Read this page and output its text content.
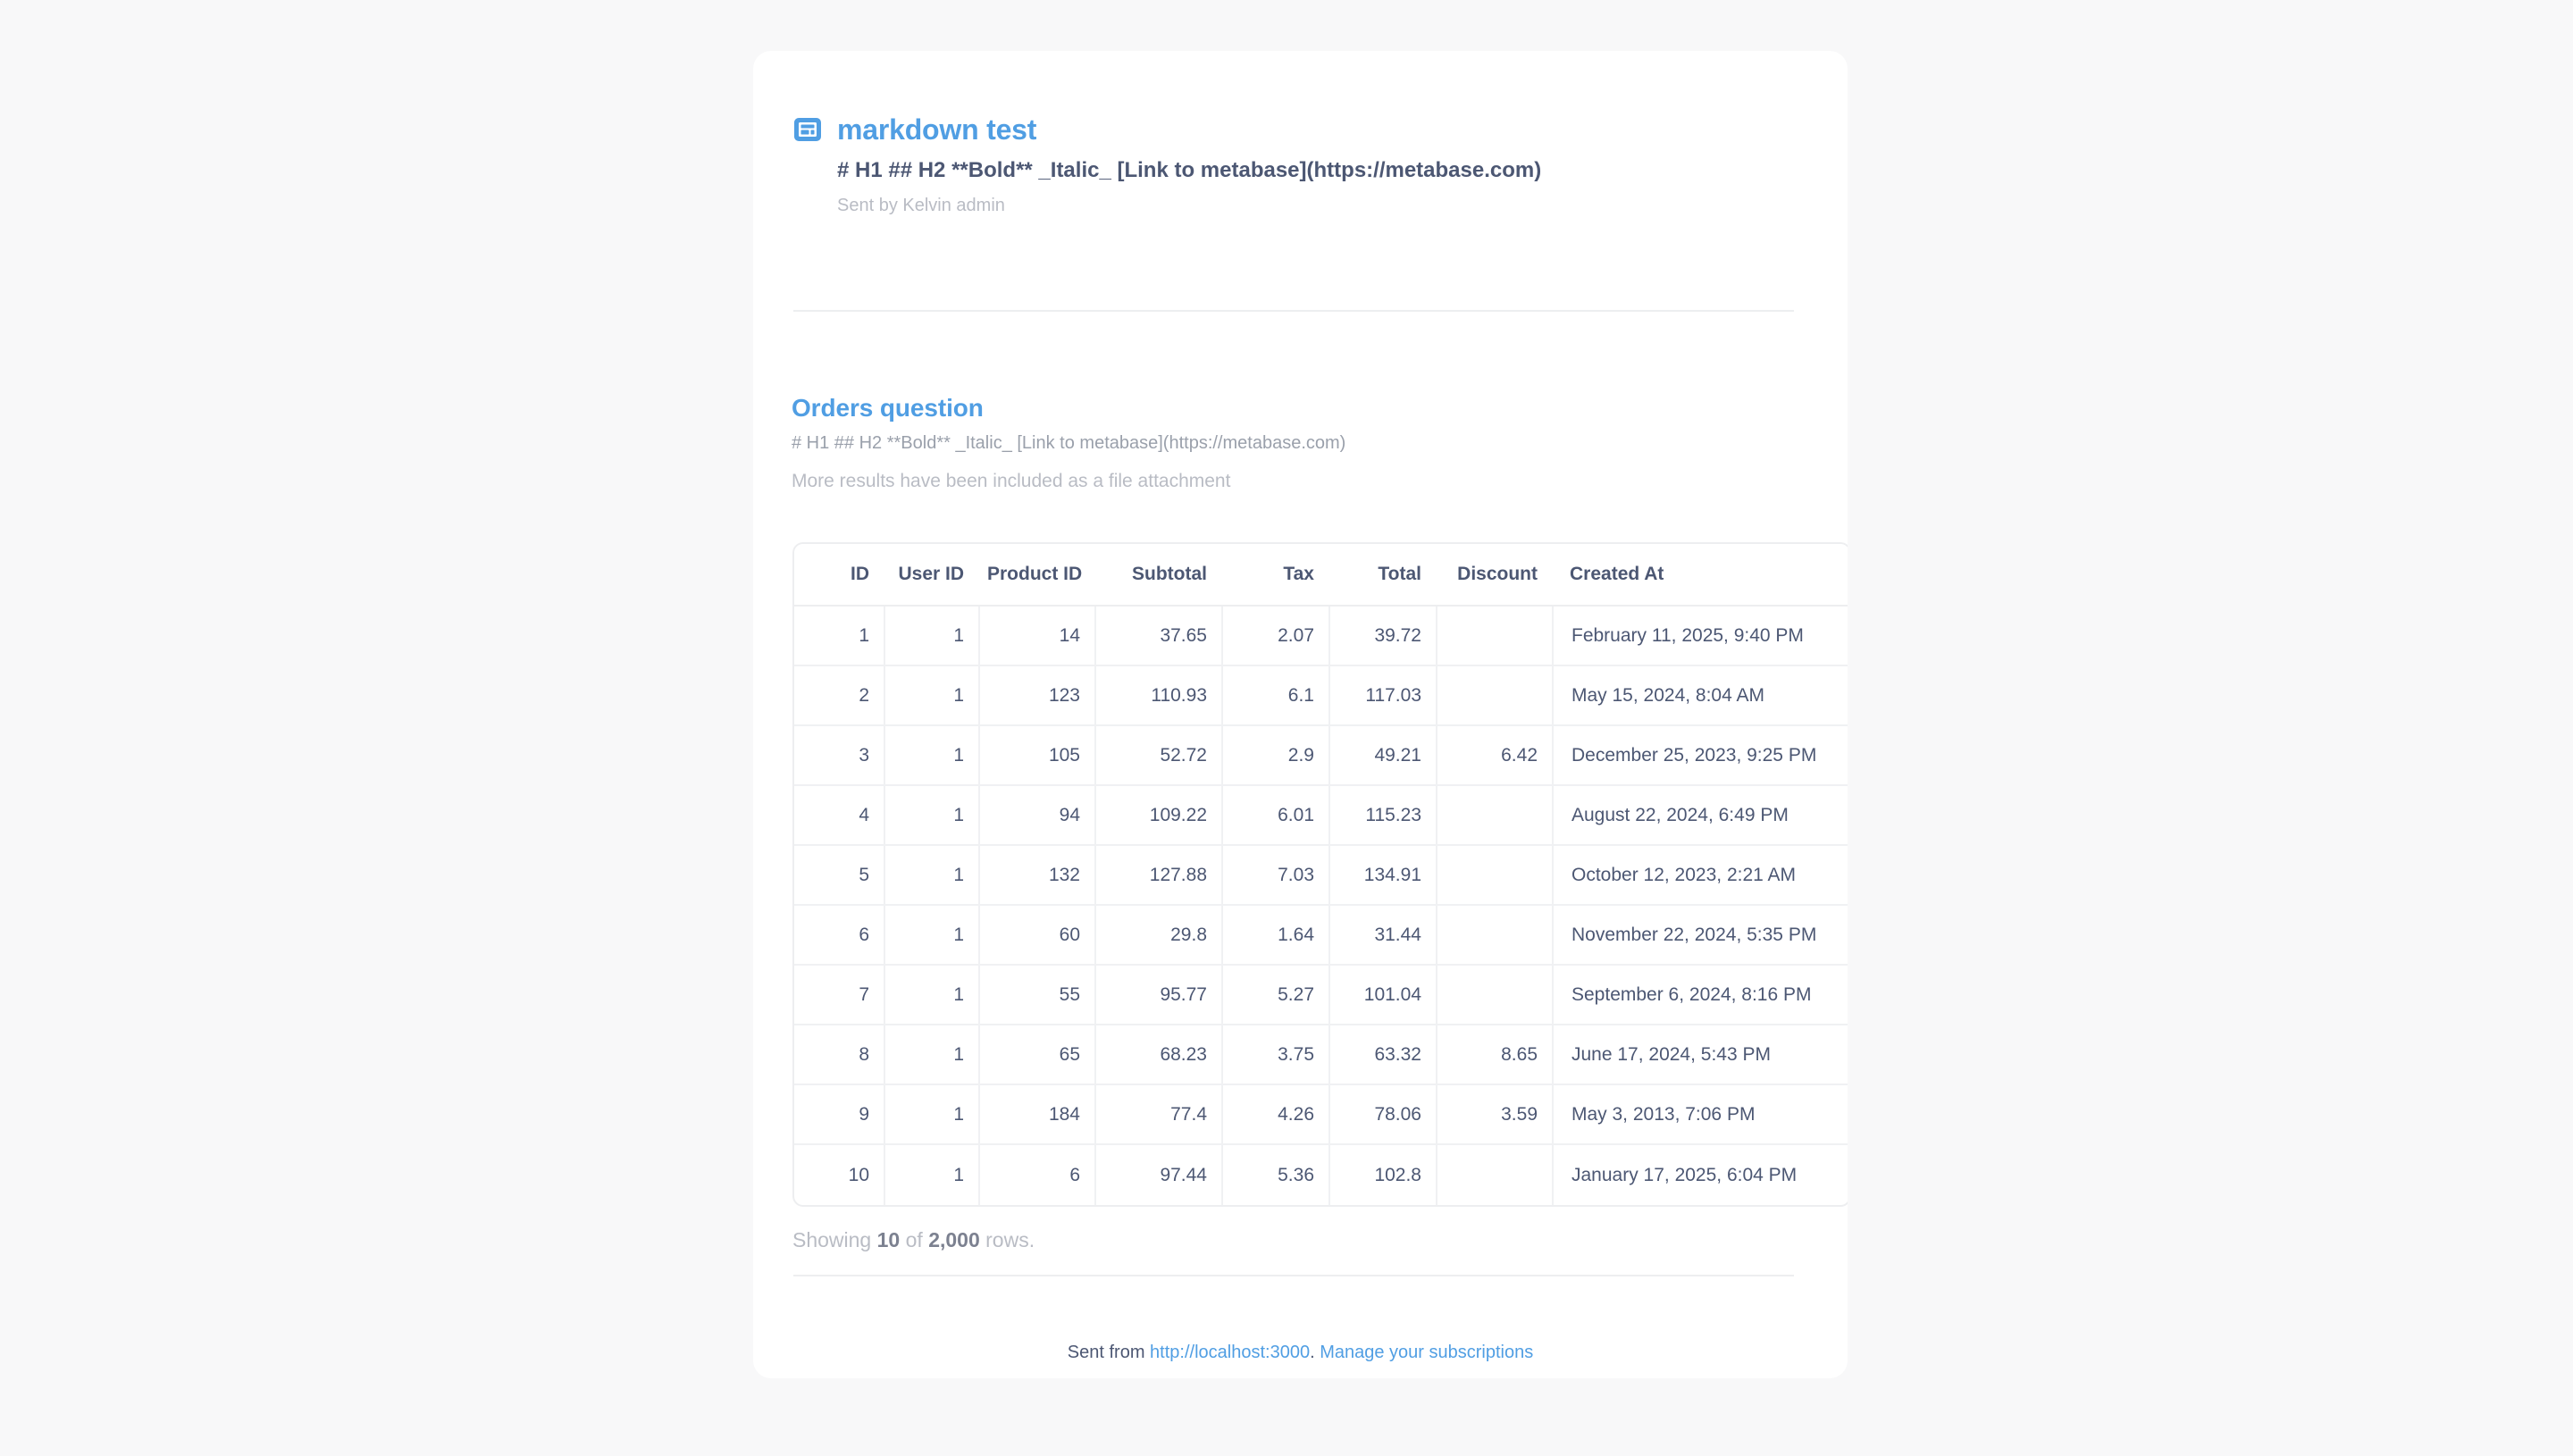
markdown test
# H1 ## H2 **Bold** _Italic_ [Link to metabase](https://metabase.com)
Sent by Kelvin admin
Orders question
# H1 ## H2 **Bold** _Italic_ [Link to metabase](https://metabase.com)
More results have been included as a file attachment
ID	User ID	Product ID	Subtotal	Tax	Total	Discount	Created At
1	1	14	37.65	2.07	39.72		February 11, 2025, 9:40 PM
2	1	123	110.93	6.1	117.03		May 15, 2024, 8:04 AM
3	1	105	52.72	2.9	49.21	6.42	December 25, 2023, 9:25 PM
4	1	94	109.22	6.01	115.23		August 22, 2024, 6:49 PM
5	1	132	127.88	7.03	134.91		October 12, 2023, 2:21 AM
6	1	60	29.8	1.64	31.44		November 22, 2024, 5:35 PM
7	1	55	95.77	5.27	101.04		September 6, 2024, 8:16 PM
8	1	65	68.23	3.75	63.32	8.65	June 17, 2024, 5:43 PM
9	1	184	77.4	4.26	78.06	3.59	May 3, 2013, 7:06 PM
10	1	6	97.44	5.36	102.8		January 17, 2025, 6:04 PM
Showing 10 of 2,000 rows.
Sent from http://localhost:3000. Manage your subscriptions
